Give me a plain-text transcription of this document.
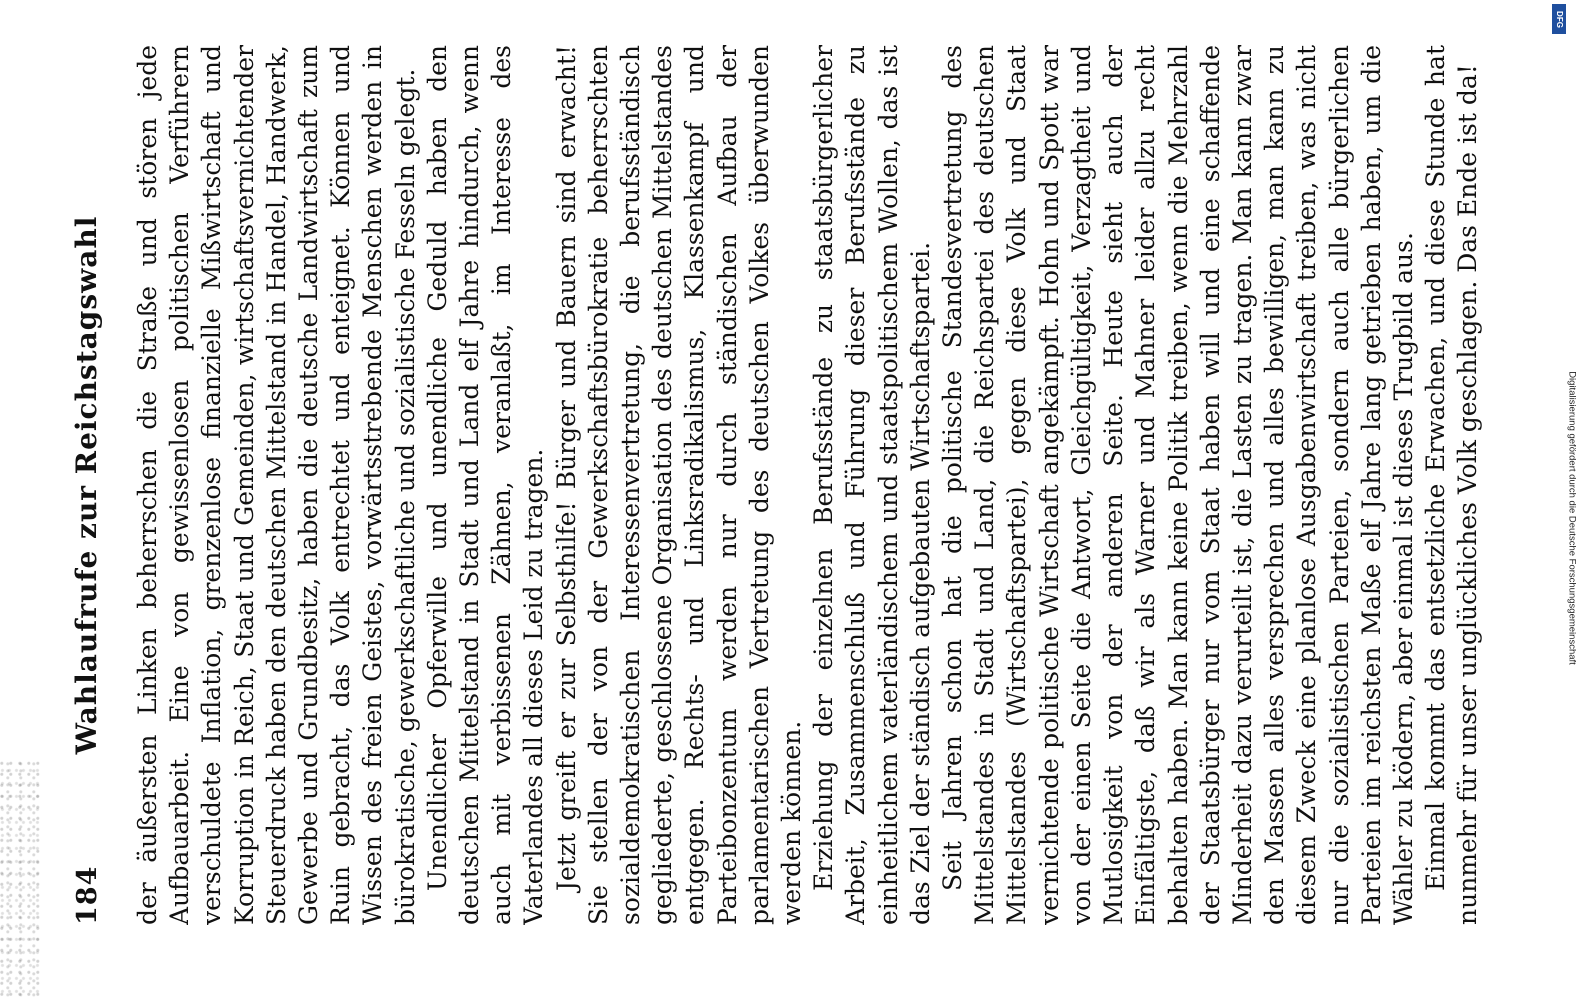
184
Wahlaufrufe zur Reichstagswahl der äußersten Linken beherrschen die Straße und stören jede Aufbauarbeit. Eine von gewissenlosen politischen Verführern verschuldete Inflation, grenzenlose finanzielle Mißwirtschaft und Korruption in Reich, Staat und Gemeinden, wirtschaftsvernichtender Steuerdruck haben den deutschen Mittelstand in Handel, Handwerk, Gewerbe und Grundbesitz, haben die deutsche Landwirtschaft zum Ruin gebracht, das Volk entrechtet und enteignet. Können und Wissen des freien Geistes, vorwärtsstrebende Menschen werden in bürokratische, gewerkschaftliche und sozialistische Fesseln gelegt. Unendlicher Opferwille und unendliche Geduld haben den deutschen Mittelstand in Stadt und Land elf Jahre hindurch, wenn auch mit verbissenen Zähnen, veranlaßt, im Interesse des Vaterlandes all dieses Leid zu tragen. Jetzt greift er zur Selbsthilfe! Bürger und Bauern sind erwacht! Sie stellen der von der Gewerkschaftsbürokratie beherrschten sozialdemokratischen Interessenvertretung, die berufsständisch gegliederte, geschlossene Organisation des deutschen Mittelstandes entgegen. Rechts- und Linksradikalismus, Klassenkampf und Parteibonzentum werden nur durch ständischen Aufbau der parlamentarischen Vertretung des deutschen Volkes überwunden werden können. Erziehung der einzelnen Berufsstände zu staatsbürgerlicher Arbeit, Zusammenschluß und Führung dieser Berufsstände zu einheitlichem vaterländischem und staatspolitischem Wollen, das ist das Ziel der ständisch aufgebauten Wirtschaftspartei. Seit Jahren schon hat die politische Standesvertretung des Mittelstandes in Stadt und Land, die Reichspartei des deutschen Mittelstandes (Wirtschaftspartei), gegen diese Volk und Staat vernichtende politische Wirtschaft angekämpft. Hohn und Spott war von der einen Seite die Antwort, Gleichgültigkeit, Verzagtheit und Mutlosigkeit von der anderen Seite. Heute sieht auch der Einfältigste, daß wir als Warner und Mahner leider allzu recht behalten haben. Man kann keine Politik treiben, wenn die Mehrzahl der Staatsbürger nur vom Staat haben will und eine schaffende Minderheit dazu verurteilt ist, die Lasten zu tragen. Man kann zwar den Massen alles versprechen und alles bewilligen, man kann zu diesem Zweck eine planlose Ausgabenwirtschaft treiben, was nicht nur die sozialistischen Parteien, sondern auch alle bürgerlichen Parteien im reichsten Maße elf Jahre lang getrieben haben, um die Wähler zu ködern, aber einmal ist dieses Trugbild aus. Einmal kommt das entsetzliche Erwachen, und diese Stunde hat nunmehr für unser unglückliches Volk geschlagen. Das Ende ist da!

DFG
Digitalisierung gefördert durch die Deutsche Forschungsgemeinschaft
